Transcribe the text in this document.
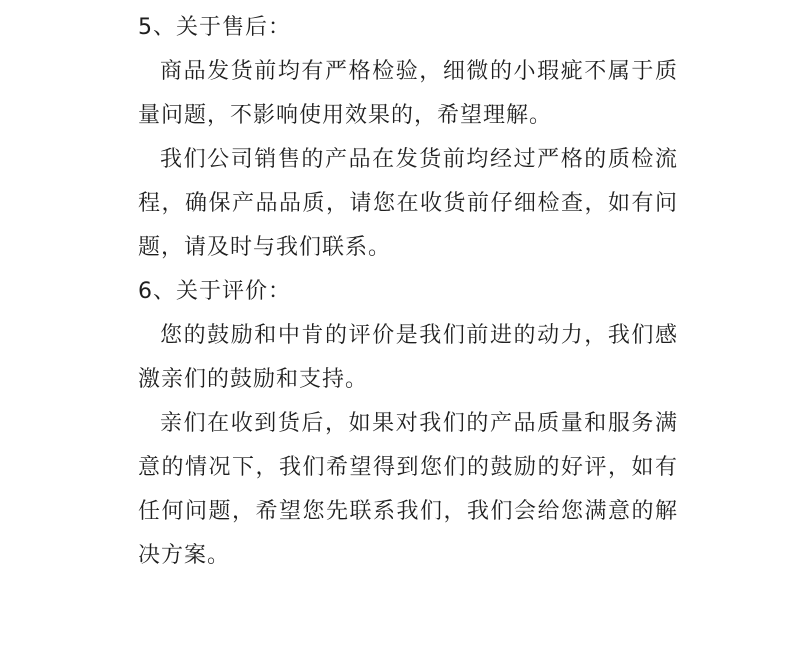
5、关于售后：

商品发货前均有严格检验，细微的小瑕疵不属于质量问题，不影响使用效果的，希望理解。

我们公司销售的产品在发货前均经过严格的质检流程，确保产品品质，请您在收货前仔细检查，如有问题，请及时与我们联系。

6、关于评价：

您的鼓励和中肯的评价是我们前进的动力，我们感激亲们的鼓励和支持。

亲们在收到货后，如果对我们的产品质量和服务满意的情况下，我们希望得到您们的鼓励的好评，如有任何问题，希望您先联系我们，我们会给您满意的解决方案。
